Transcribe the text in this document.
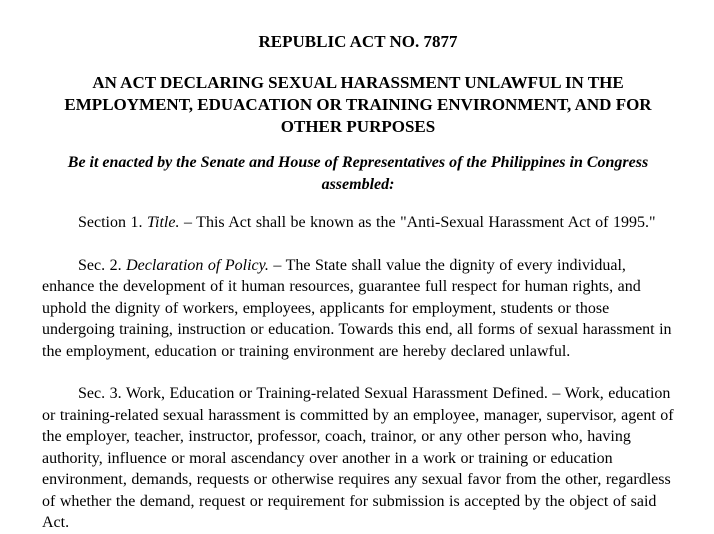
REPUBLIC ACT NO. 7877
AN ACT DECLARING SEXUAL HARASSMENT UNLAWFUL IN THE EMPLOYMENT, EDUACATION OR TRAINING ENVIRONMENT, AND FOR OTHER PURPOSES

Be it enacted by the Senate and House of Representatives of the Philippines in Congress assembled:

Section 1. Title. – This Act shall be known as the "Anti-Sexual Harassment Act of 1995."

Sec. 2. Declaration of Policy. – The State shall value the dignity of every individual, enhance the development of it human resources, guarantee full respect for human rights, and uphold the dignity of workers, employees, applicants for employment, students or those undergoing training, instruction or education. Towards this end, all forms of sexual harassment in the employment, education or training environment are hereby declared unlawful.

Sec. 3. Work, Education or Training-related Sexual Harassment Defined. – Work, education or training-related sexual harassment is committed by an employee, manager, supervisor, agent of the employer, teacher, instructor, professor, coach, trainor, or any other person who, having authority, influence or moral ascendancy over another in a work or training or education environment, demands, requests or otherwise requires any sexual favor from the other, regardless of whether the demand, request or requirement for submission is accepted by the object of said Act.
